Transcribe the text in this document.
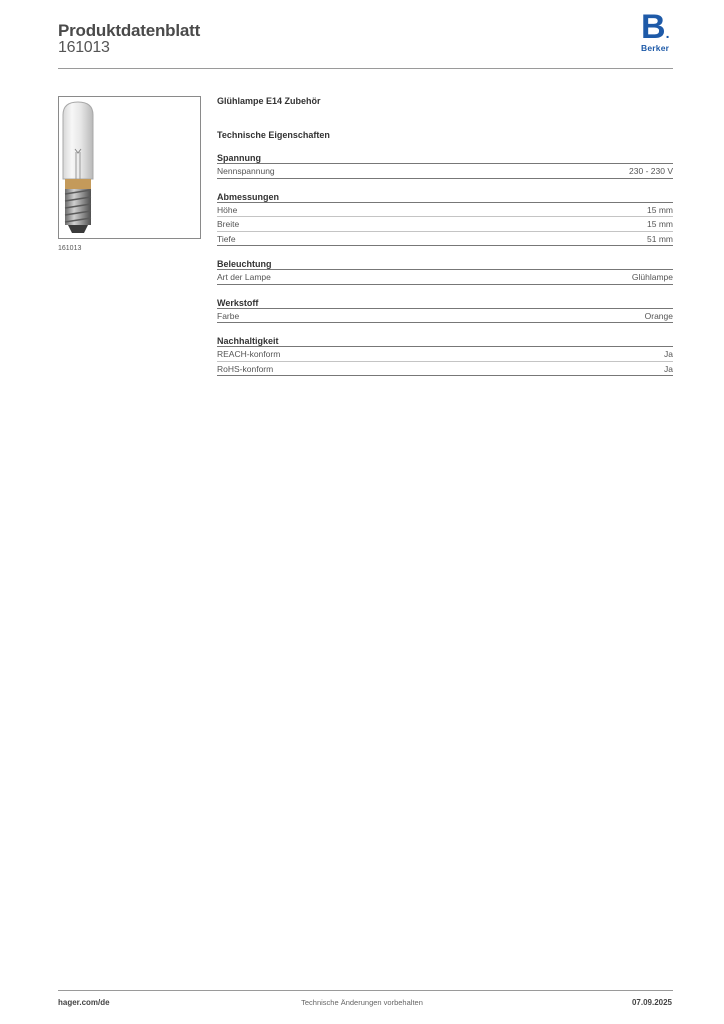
Produktdatenblatt
161013
B.
Berker
161013
Glühlampe E14 Zubehör
Technische Eigenschaften
Spannung
Nennspannung	230 - 230 V
Abmessungen
Höhe	15 mm
Breite	15 mm
Tiefe	51 mm
Beleuchtung
Art der Lampe	Glühlampe
Werkstoff
Farbe	Orange
Nachhaltigkeit
REACH-konform	Ja
RoHS-konform	Ja
hager.com/de	Technische Änderungen vorbehalten	07.09.2025
